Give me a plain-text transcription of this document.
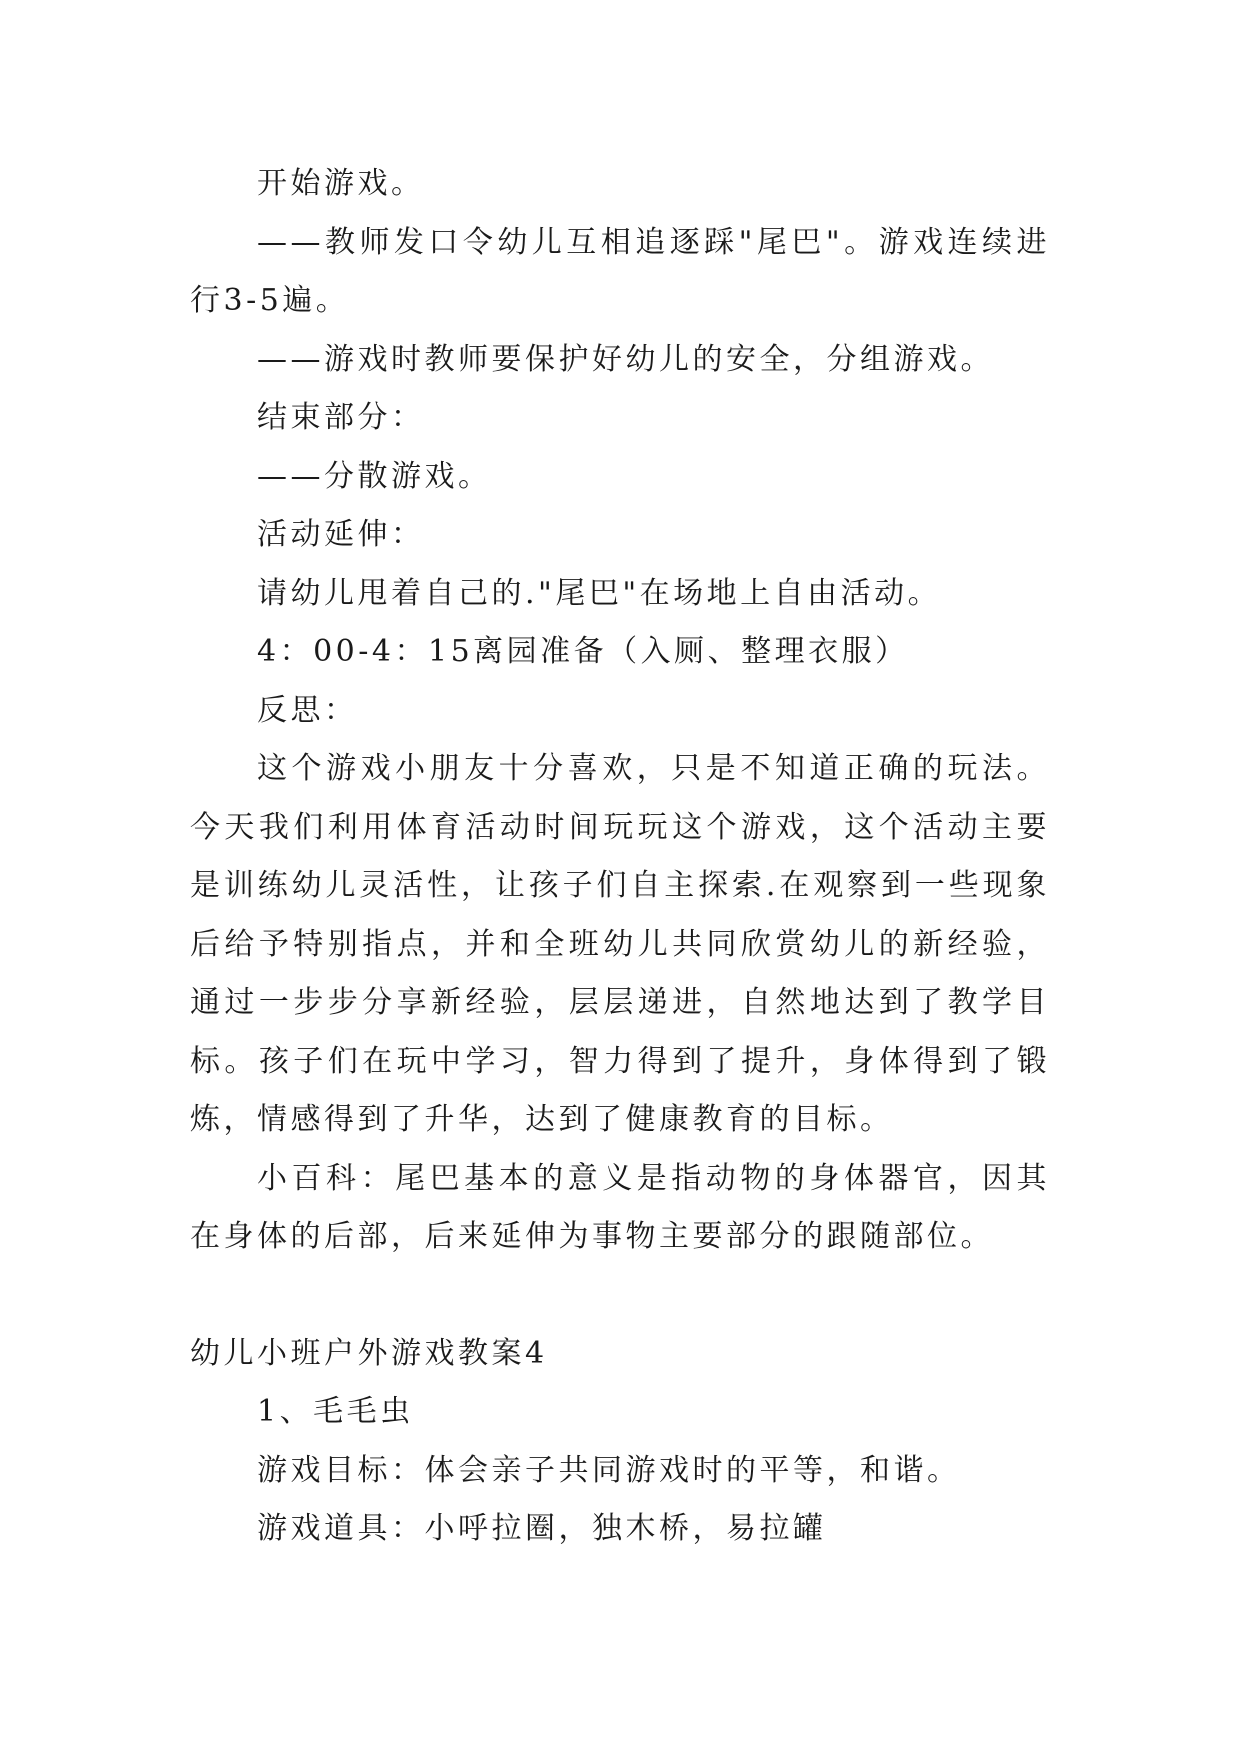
开始游戏。

——教师发口令幼儿互相追逐踩"尾巴"。游戏连续进行3-5遍。

——游戏时教师要保护好幼儿的安全，分组游戏。

结束部分：

——分散游戏。

活动延伸：

请幼儿甩着自己的."尾巴"在场地上自由活动。

4：00-4：15离园准备（入厕、整理衣服）

反思：

这个游戏小朋友十分喜欢，只是不知道正确的玩法。今天我们利用体育活动时间玩玩这个游戏，这个活动主要是训练幼儿灵活性，让孩子们自主探索.在观察到一些现象后给予特别指点，并和全班幼儿共同欣赏幼儿的新经验，通过一步步分享新经验，层层递进，自然地达到了教学目标。孩子们在玩中学习，智力得到了提升，身体得到了锻炼，情感得到了升华，达到了健康教育的目标。

小百科：尾巴基本的意义是指动物的身体器官，因其在身体的后部，后来延伸为事物主要部分的跟随部位。

幼儿小班户外游戏教案4

1、毛毛虫

游戏目标：体会亲子共同游戏时的平等，和谐。

游戏道具：小呼拉圈，独木桥，易拉罐
